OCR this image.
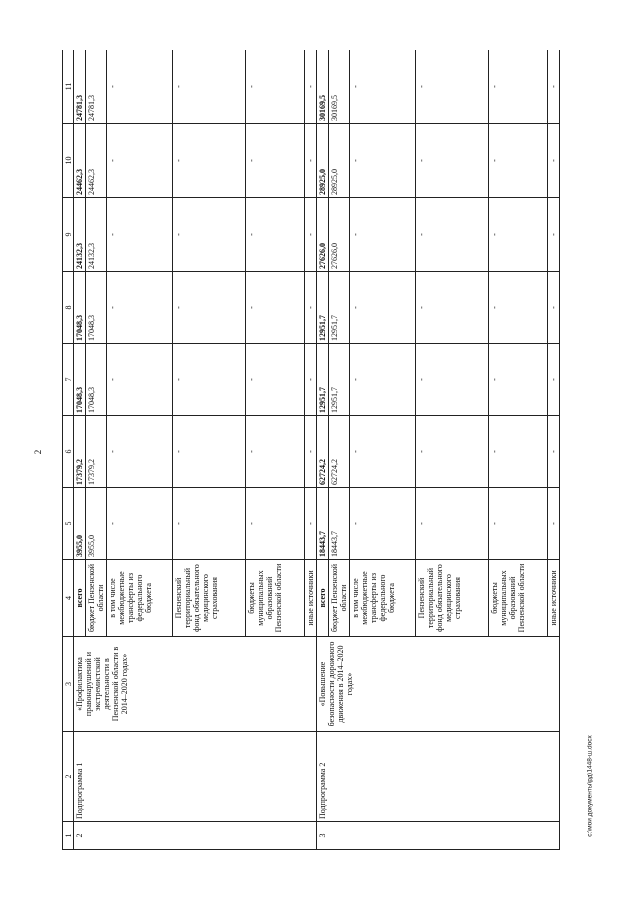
2
1	2	3	4	5	6	7	8	9	10	11
2	Подпрограмма 1	«Профилактика правонарушений и экстремистской деятельности в Пензенской области в 2014–2020 годах»	всего	3955,0	17379,2	17048,3	17048,3	24132,3	24462,3	24781,3
			бюджет Пензенской области	3955,0	17379,2	17048,3	17048,3	24132,3	24462,3	24781,3
			в том числе межбюджетные трансферты из федерального бюджета	-	-	-	-	-	-	-
			Пензенский территориальный фонд обязательного медицинского страхования	-	-	-	-	-	-	-
			бюджеты муниципальных образований Пензенской области	-	-	-	-	-	-	-
			иные источники	-	-	-	-	-	-	-
3	Подпрограмма 2	«Повышение безопасности дорожного движения в 2014–2020 годах»	всего	18443,7	62724,2	12951,7	12951,7	27626,0	28925,0	30169,5
			бюджет Пензенской области	18443,7	62724,2	12951,7	12951,7	27626,0	28925,0	30169,5
			в том числе межбюджетные трансферты из федерального бюджета	-	-	-	-	-	-	-
			Пензенский территориальный фонд обязательного медицинского страхования	-	-	-	-	-	-	-
			бюджеты муниципальных образований Пензенской области	-	-	-	-	-	-	-
			иные источники	-	-	-	-	-	-	-
c:\мои документы\рд\1448-ш.docx
